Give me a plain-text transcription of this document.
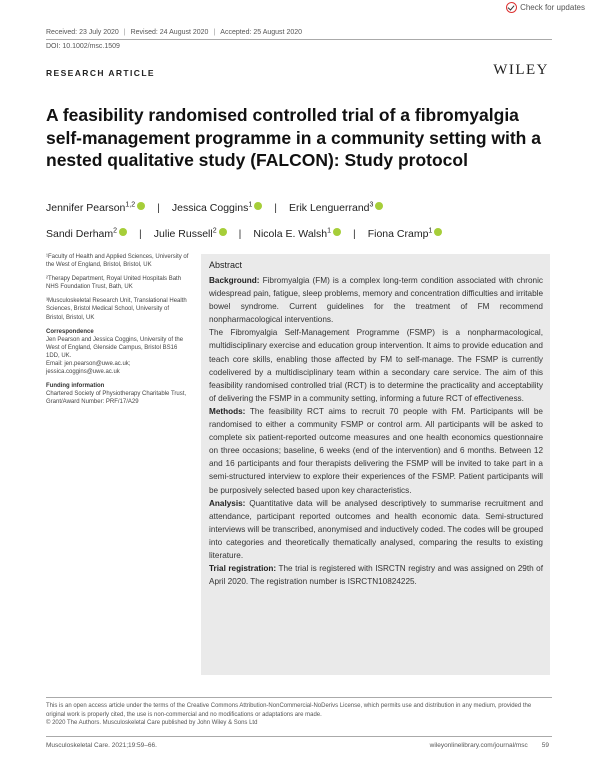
Check for updates
Received: 23 July 2020 | Revised: 24 August 2020 | Accepted: 25 August 2020
DOI: 10.1002/msc.1509
RESEARCH ARTICLE	WILEY
A feasibility randomised controlled trial of a fibromyalgia self-management programme in a community setting with a nested qualitative study (FALCON): Study protocol
Jennifer Pearson$^{1,2}$ | Jessica Coggins$^1$ | Erik Lenguerrand$^3$
Sandi Derham$^2$ | Julie Russell$^2$ | Nicola E. Walsh$^1$ | Fiona Cramp$^1$
¹Faculty of Health and Applied Sciences, University of the West of England, Bristol, Bristol, UK
²Therapy Department, Royal United Hospitals Bath NHS Foundation Trust, Bath, UK
³Musculoskeletal Research Unit, Translational Health Sciences, Bristol Medical School, University of Bristol, Bristol, UK
Correspondence
Jen Pearson and Jessica Coggins, University of the West of England, Glenside Campus, Bristol BS16 1DD, UK.
Email: jen.pearson@uwe.ac.uk; jessica.coggins@uwe.ac.uk
Funding information
Chartered Society of Physiotherapy Charitable Trust, Grant/Award Number: PRF/17/A29
Abstract

Background: Fibromyalgia (FM) is a complex long-term condition associated with chronic widespread pain, fatigue, sleep problems, memory and concentration difficulties and irritable bowel syndrome. Current guidelines for the treatment of FM recommend nonpharmacological interventions.

The Fibromyalgia Self-Management Programme (FSMP) is a nonpharmacological, multidisciplinary exercise and education group intervention. It aims to provide education and teach core skills, enabling those affected by FM to self-manage. The FSMP is currently codelivered by a multidisciplinary team within a secondary care service. The aim of this feasibility randomised controlled trial (RCT) is to determine the practicality and acceptability of delivering the FSMP in a community setting, informing a future RCT of effectiveness.

Methods: The feasibility RCT aims to recruit 70 people with FM. Participants will be randomised to either a community FSMP or control arm. All participants will be asked to complete six patient-reported outcome measures and one health economics questionnaire on three occasions; baseline, 6 weeks (end of the intervention) and 6 months. Between 12 and 16 participants and four therapists delivering the FSMP will be invited to take part in a semi-structured interview to explore their experiences of the FSMP. Patient participants will be purposively selected based upon key characteristics.

Analysis: Quantitative data will be analysed descriptively to summarise recruitment and attendance, participant reported outcomes and health economic data. Semi-structured interviews will be transcribed, anonymised and inductively coded. The codes will be grouped into categories and theoretically thematically analysed, comparing the results to existing literature.

Trial registration: The trial is registered with ISRCTN registry and was assigned on 29th of April 2020. The registration number is ISRCTN10824225.

This is an open access article under the terms of the Creative Commons Attribution-NonCommercial-NoDerivs License, which permits use and distribution in any medium, provided the original work is properly cited, the use is non-commercial and no modifications or adaptations are made.
© 2020 The Authors. Musculoskeletal Care published by John Wiley & Sons Ltd
Musculoskeletal Care. 2021;19:59–66.	wileyonlinelibrary.com/journal/msc 59
